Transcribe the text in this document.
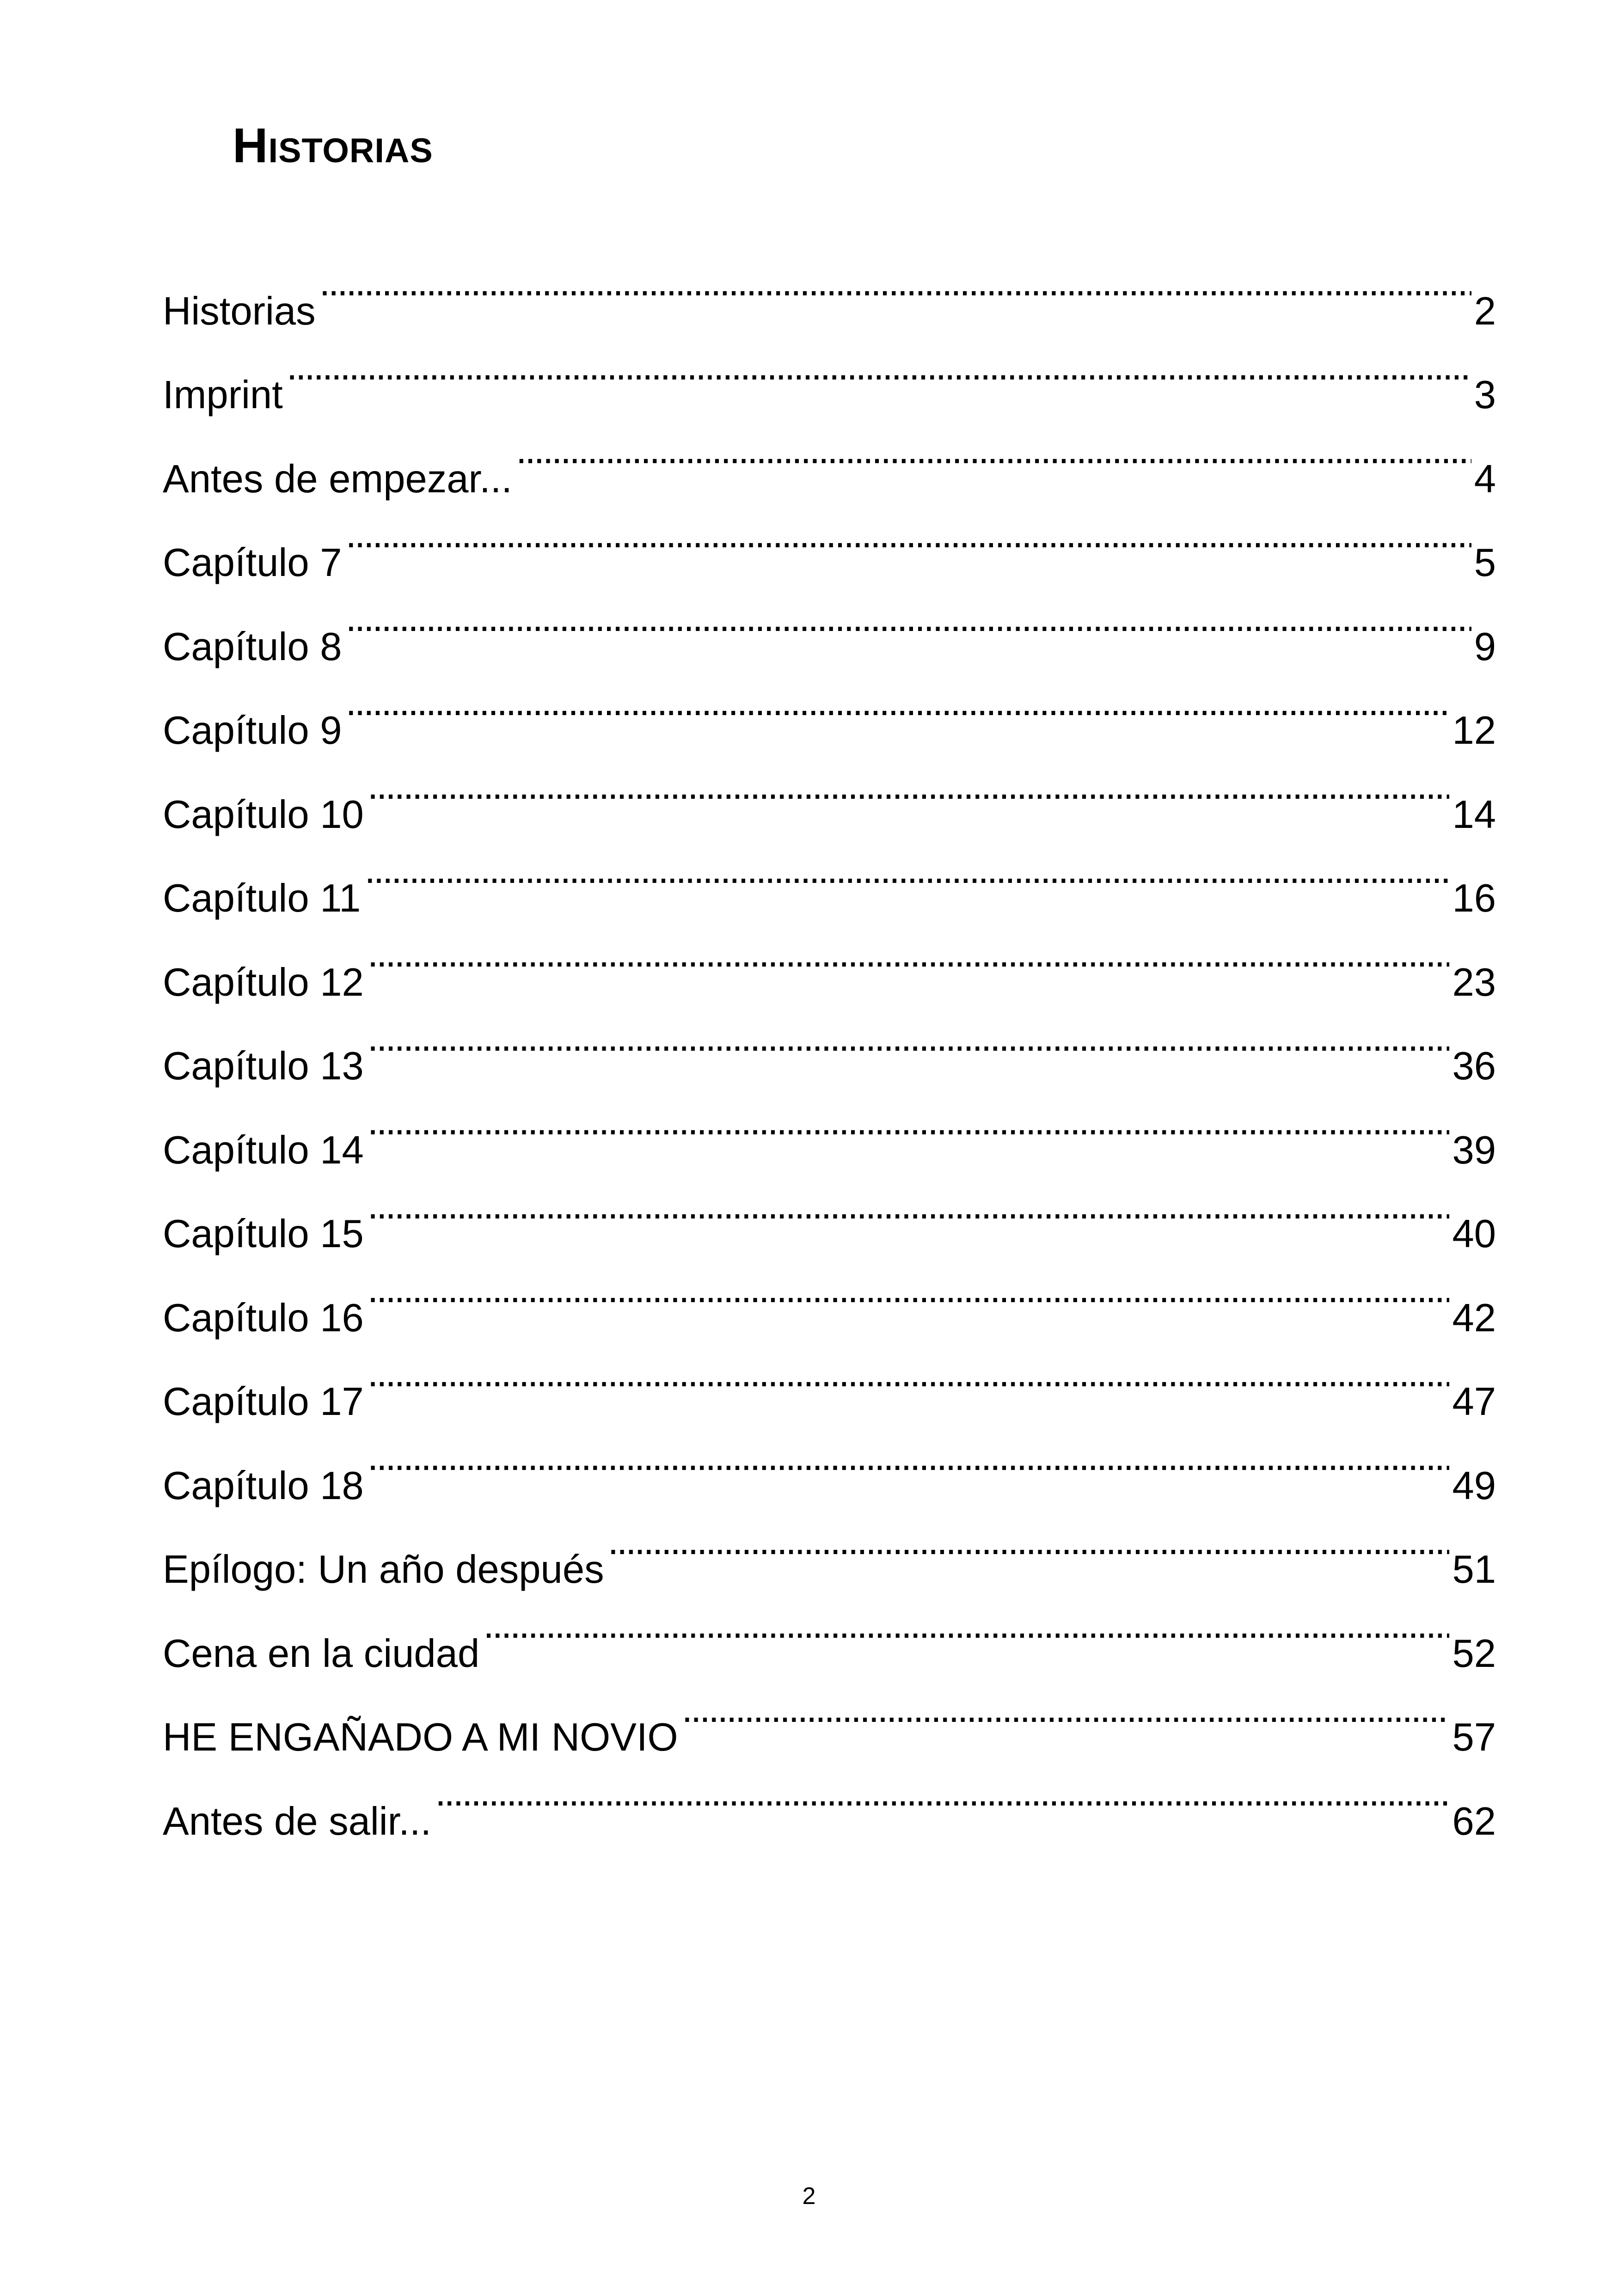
Historias
Historias . . .	2
Imprint . . .	3
Antes de empezar... . . .	4
Capítulo 7 . . .	5
Capítulo 8 . . .	9
Capítulo 9 . . .	12
Capítulo 10 . . .	14
Capítulo 11 . . .	16
Capítulo 12 . . .	23
Capítulo 13 . . .	36
Capítulo 14 . . .	39
Capítulo 15 . . .	40
Capítulo 16 . . .	42
Capítulo 17 . . .	47
Capítulo 18 . . .	49
Epílogo: Un año después . . .	51
Cena en la ciudad . . .	52
HE ENGAÑADO A MI NOVIO . . .	57
Antes de salir... . . .	62
2
